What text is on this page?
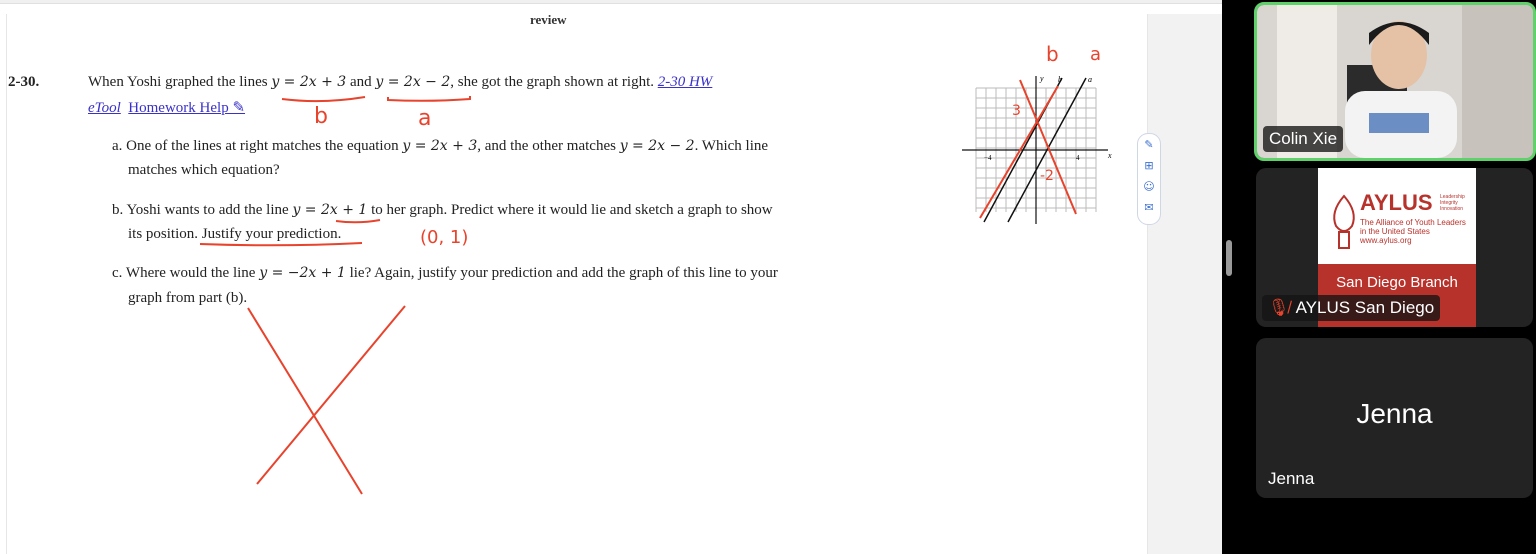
review
2-30.	When Yoshi graphed the lines y = 2x + 3 and y = 2x − 2, she got the graph shown at right. 2-30 HW
eTool Homework Help ✎
a. One of the lines at right matches the equation y = 2x + 3, and the other matches y = 2x − 2. Which line
matches which equation?
b. Yoshi wants to add the line y = 2x + 1 to her graph. Predict where it would lie and sketch a graph to show
its position. Justify your prediction.
c. Where would the line y = −2x + 1 lie? Again, justify your prediction and add the graph of this line to your
graph from part (b).
x
y
−4	4
b	a
b	a
(0, 1)
b a
3
-2
✎
⊞
☺
✉
Colin Xie
AYLUS Leadership
Integrity
Innovation
The Alliance of Youth Leaders
in the United States
www.aylus.org
San Diego Branch
🎙︎̸ AYLUS San Diego
Jenna
Jenna
